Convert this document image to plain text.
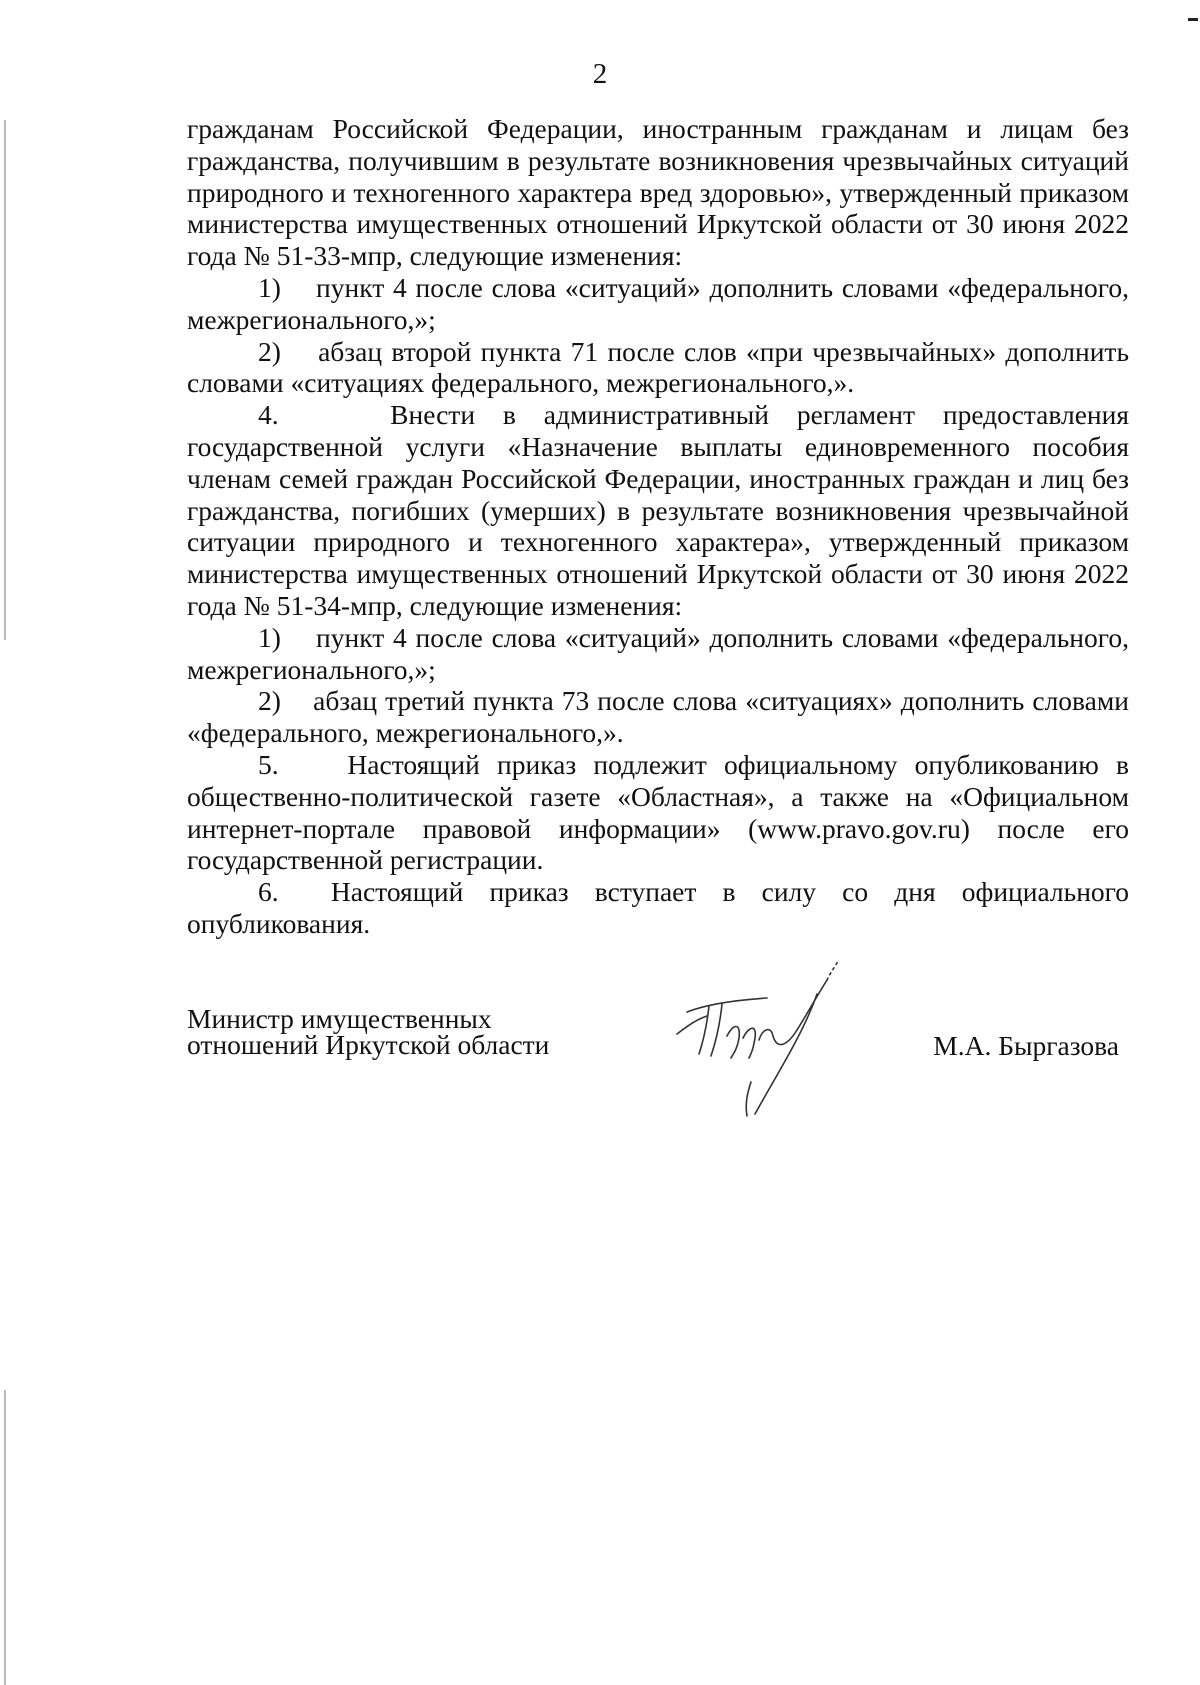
2

гражданам Российской Федерации, иностранным гражданам и лицам без гражданства, получившим в результате возникновения чрезвычайных ситуаций природного и техногенного характера вред здоровью», утвержденный приказом министерства имущественных отношений Иркутской области от 30 июня 2022 года № 51-33-мпр, следующие изменения:

1)    пункт 4 после слова «ситуаций» дополнить словами «федерального, межрегионального,»;

2)    абзац второй пункта 71 после слов «при чрезвычайных» дополнить словами «ситуациях федерального, межрегионального,».

4.    Внести в административный регламент предоставления государственной услуги «Назначение выплаты единовременного пособия членам семей граждан Российской Федерации, иностранных граждан и лиц без гражданства, погибших (умерших) в результате возникновения чрезвычайной ситуации природного и техногенного характера», утвержденный приказом министерства имущественных отношений Иркутской области от 30 июня 2022 года № 51-34-мпр, следующие изменения:

1)    пункт 4 после слова «ситуаций» дополнить словами «федерального, межрегионального,»;

2)    абзац третий пункта 73 после слова «ситуациях» дополнить словами «федерального, межрегионального,».

5.    Настоящий приказ подлежит официальному опубликованию в общественно-политической газете «Областная», а также на «Официальном интернет-портале правовой информации» (www.pravo.gov.ru) после его государственной регистрации.

6.  Настоящий приказ вступает в силу со дня официального опубликования.

Министр имущественных
отношений Иркутской области	М.А. Быргазова
